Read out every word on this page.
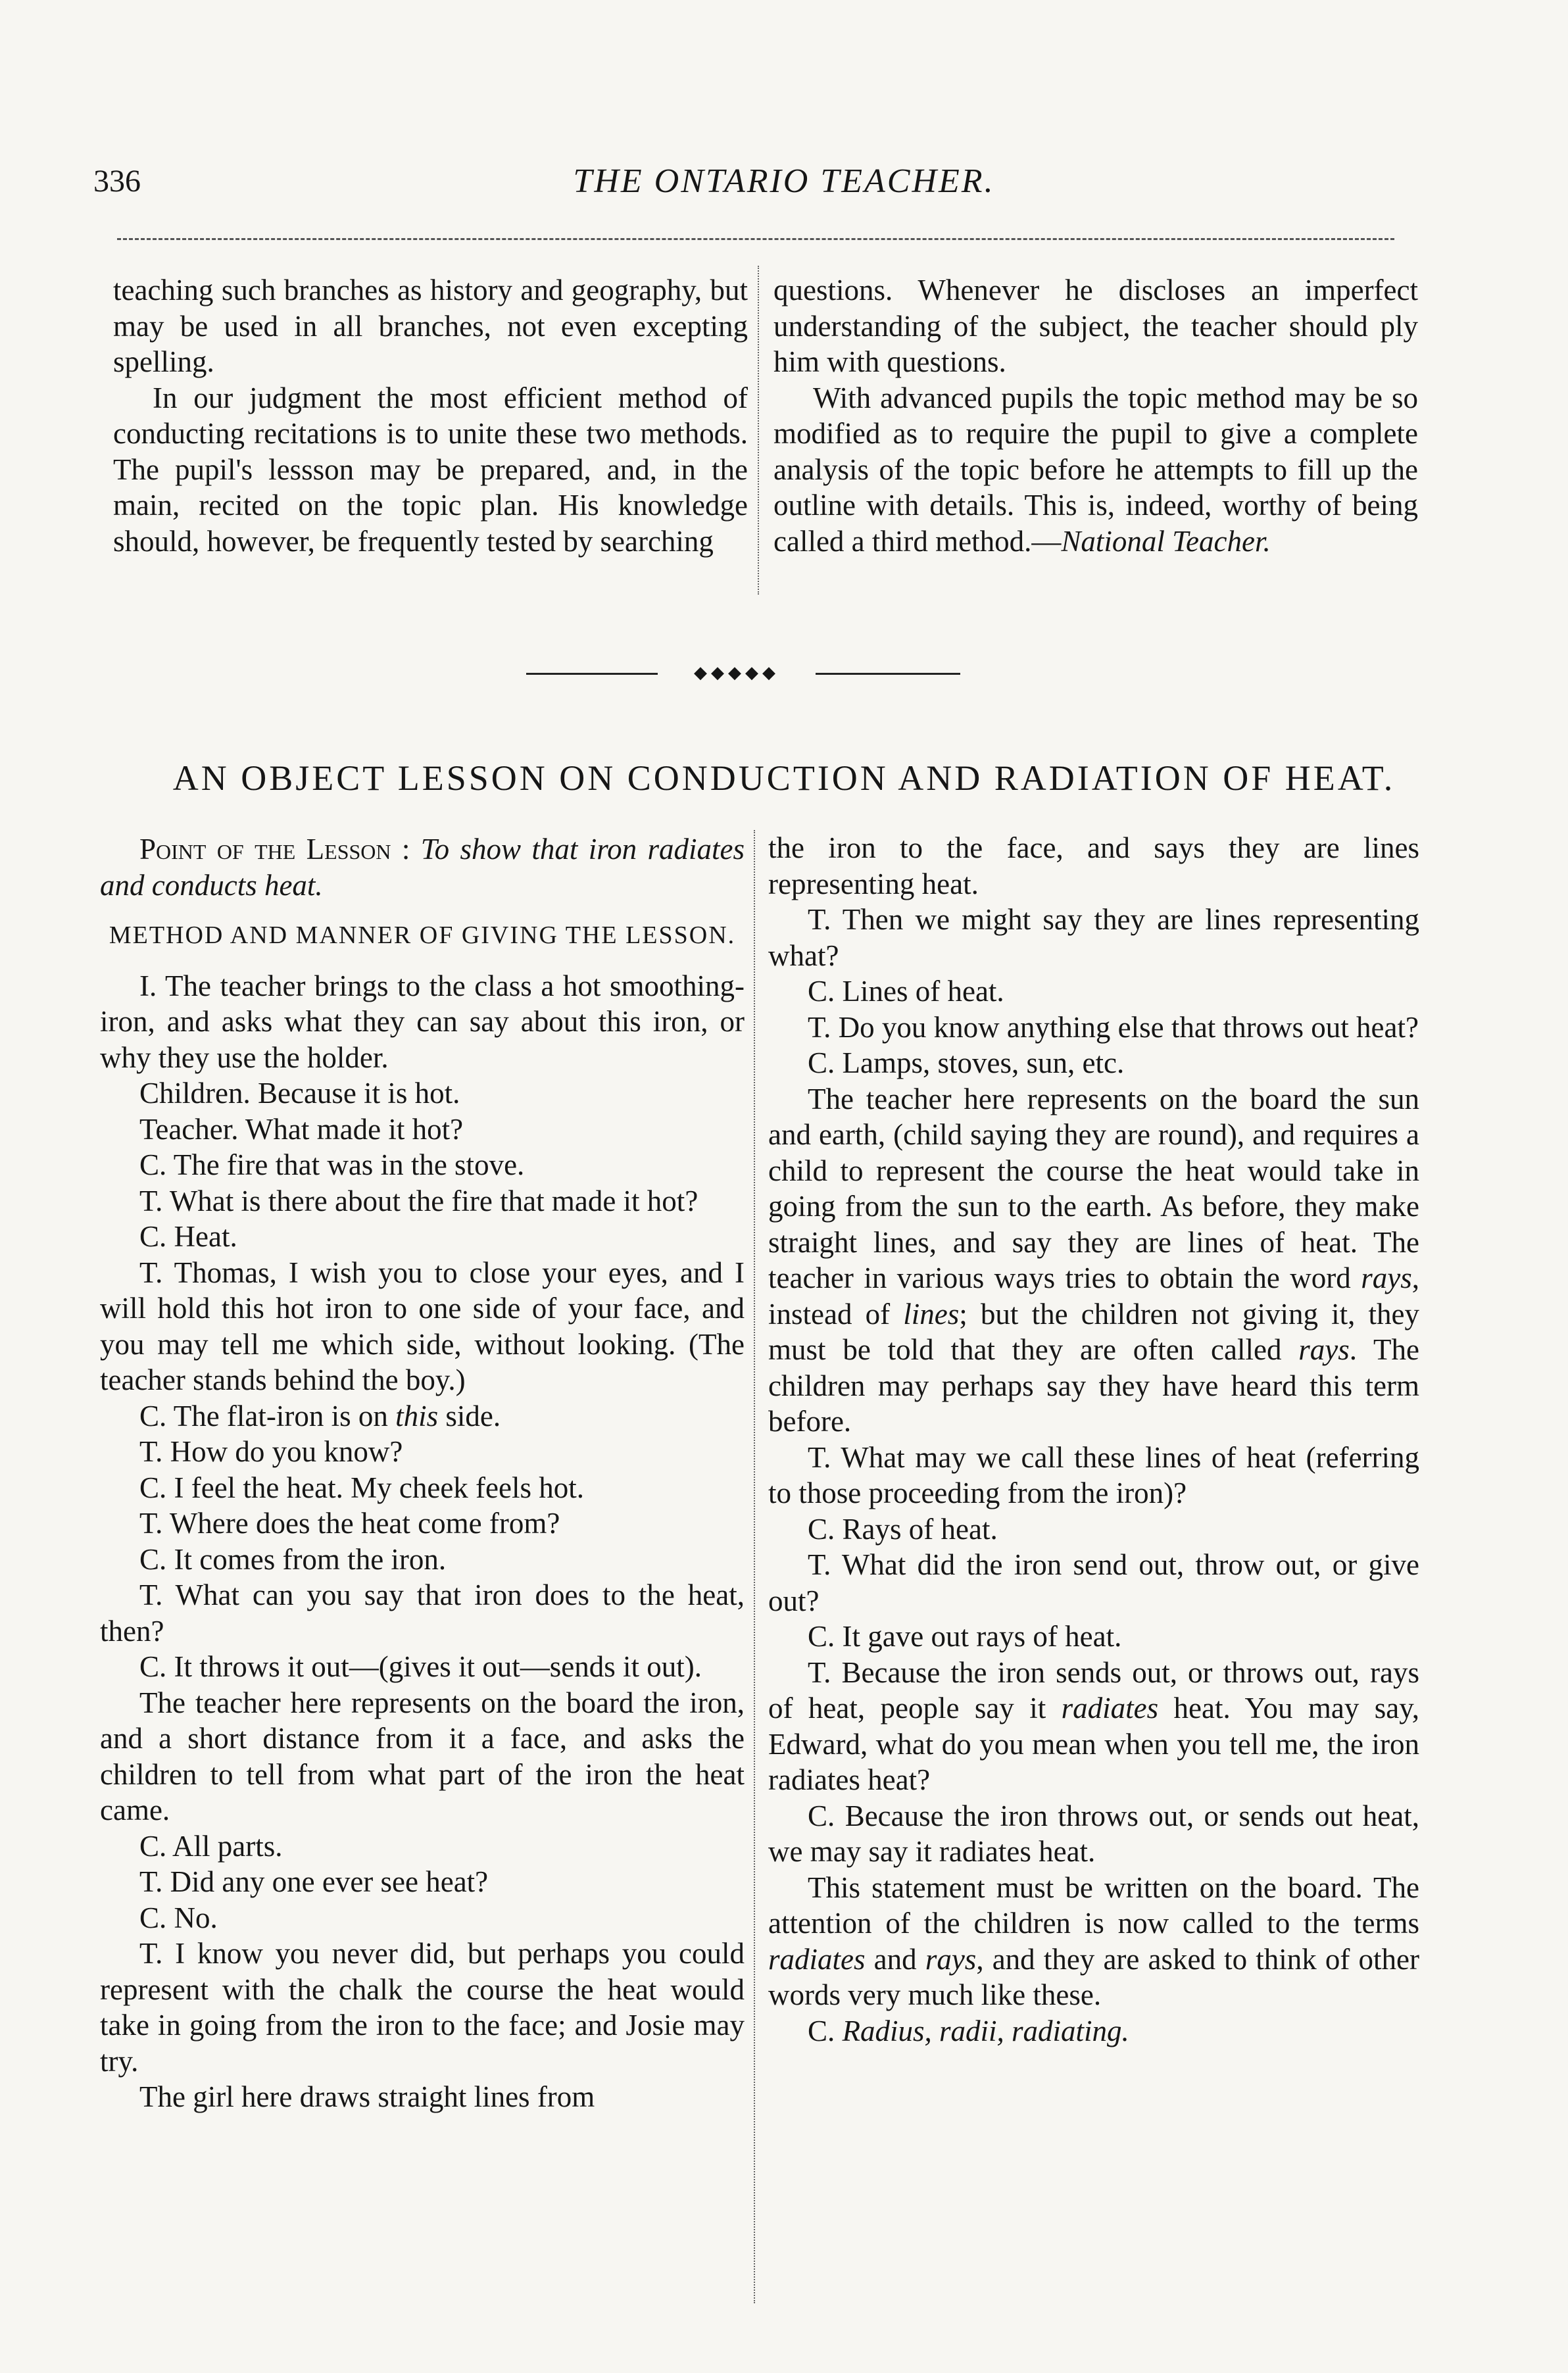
336	THE ONTARIO TEACHER.

teaching such branches as history and geography, but may be used in all branches, not even excepting spelling.

In our judgment the most efficient method of conducting recitations is to unite these two methods. The pupil's lessson may be prepared, and, in the main, recited on the topic plan. His knowledge should, however, be frequently tested by searching

questions. Whenever he discloses an imperfect understanding of the subject, the teacher should ply him with questions.

With advanced pupils the topic method may be so modified as to require the pupil to give a complete analysis of the topic before he attempts to fill up the outline with details. This is, indeed, worthy of being called a third method.—National Teacher.

◆◆◆◆◆
AN OBJECT LESSON ON CONDUCTION AND RADIATION OF HEAT.

Point of the Lesson : To show that iron radiates and conducts heat.

METHOD AND MANNER OF GIVING THE LESSON.

I. The teacher brings to the class a hot smoothing-iron, and asks what they can say about this iron, or why they use the holder.

Children. Because it is hot.

Teacher. What made it hot?

C. The fire that was in the stove.

T. What is there about the fire that made it hot?

C. Heat.

T. Thomas, I wish you to close your eyes, and I will hold this hot iron to one side of your face, and you may tell me which side, without looking. (The teacher stands behind the boy.)

C. The flat-iron is on this side.

T. How do you know?

C. I feel the heat. My cheek feels hot.

T. Where does the heat come from?

C. It comes from the iron.

T. What can you say that iron does to the heat, then?

C. It throws it out—(gives it out—sends it out).

The teacher here represents on the board the iron, and a short distance from it a face, and asks the children to tell from what part of the iron the heat came.

C. All parts.

T. Did any one ever see heat?

C. No.

T. I know you never did, but perhaps you could represent with the chalk the course the heat would take in going from the iron to the face; and Josie may try.

The girl here draws straight lines from

the iron to the face, and says they are lines representing heat.

T. Then we might say they are lines representing what?

C. Lines of heat.

T. Do you know anything else that throws out heat?

C. Lamps, stoves, sun, etc.

The teacher here represents on the board the sun and earth, (child saying they are round), and requires a child to represent the course the heat would take in going from the sun to the earth. As before, they make straight lines, and say they are lines of heat. The teacher in various ways tries to obtain the word rays, instead of lines; but the children not giving it, they must be told that they are often called rays. The children may perhaps say they have heard this term before.

T. What may we call these lines of heat (referring to those proceeding from the iron)?

C. Rays of heat.

T. What did the iron send out, throw out, or give out?

C. It gave out rays of heat.

T. Because the iron sends out, or throws out, rays of heat, people say it radiates heat. You may say, Edward, what do you mean when you tell me, the iron radiates heat?

C. Because the iron throws out, or sends out heat, we may say it radiates heat.

This statement must be written on the board. The attention of the children is now called to the terms radiates and rays, and they are asked to think of other words very much like these.

C. Radius, radii, radiating.
